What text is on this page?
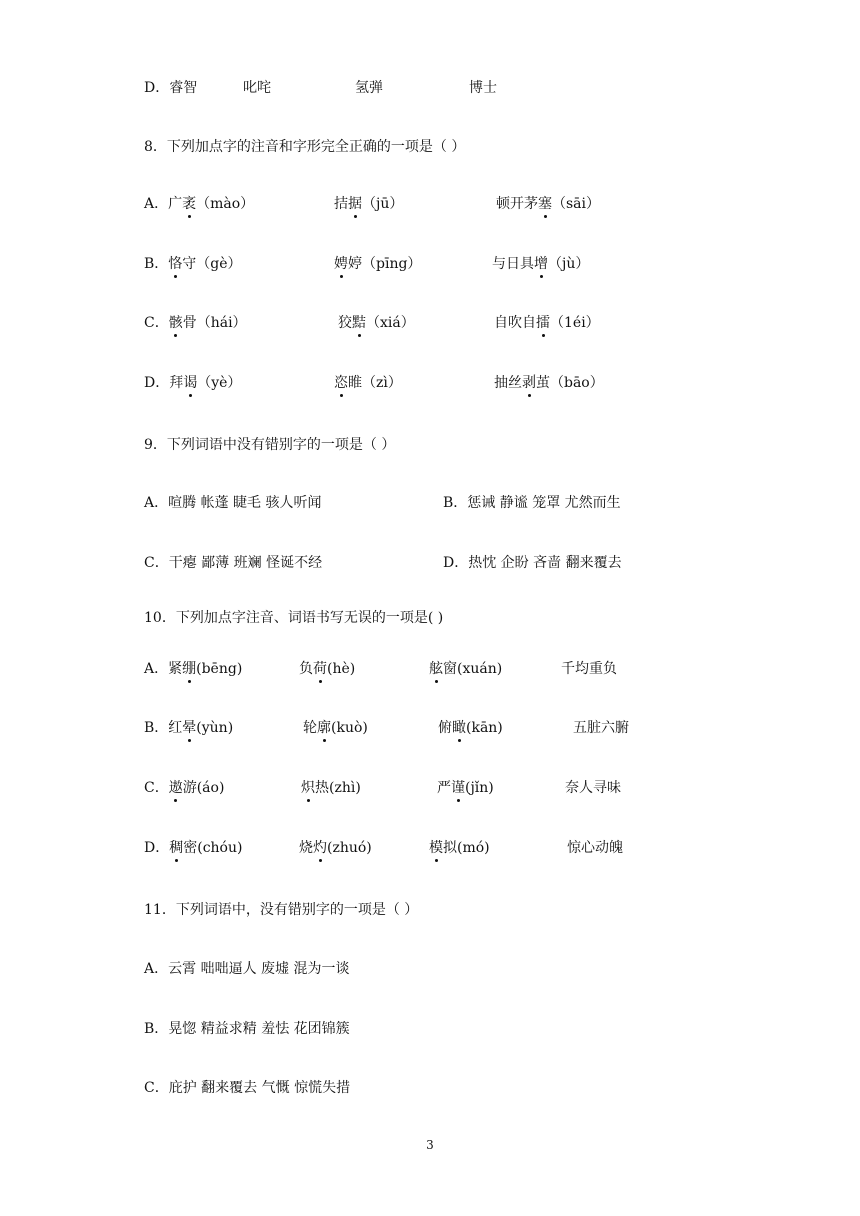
D．睿智	叱咤	氢弹	博士
8．下列加点字的注音和字形完全正确的一项是（ ）
A．广袤（mào）	拮据（jū）	顿开茅塞（sāi）
B．恪守（gè）	娉婷（pīng）	与日具增（jù）
C．骸骨（hái）	狡黠（xiá）	自吹自擂（1éi）
D．拜谒（yè）	恣睢（zì）	抽丝剥茧（bāo）
9．下列词语中没有错别字的一项是（ ）
A．喧腾 帐蓬 睫毛 骇人听闻	B．惩诫 静谧 笼罩 尤然而生
C．干瘪 鄙薄 班斓 怪诞不经	D．热忱 企盼 吝啬 翻来覆去
10．下列加点字注音、词语书写无误的一项是( )
A．紧绷(bēng)	负荷(hè)	舷窗(xuán)	千均重负
B．红晕(yùn)	轮廓(kuò)	俯瞰(kān)	五脏六腑
C．遨游(áo)	炽热(zhì)	严谨(jǐn)	奈人寻味
D．稠密(chóu)	烧灼(zhuó)	模拟(mó)	惊心动魄
11．下列词语中，没有错别字的一项是（ ）
A．云霄 咄咄逼人 废墟 混为一谈
B．晃惚 精益求精 羞怯 花团锦簇
C．庇护 翻来覆去 气慨 惊慌失措
3
